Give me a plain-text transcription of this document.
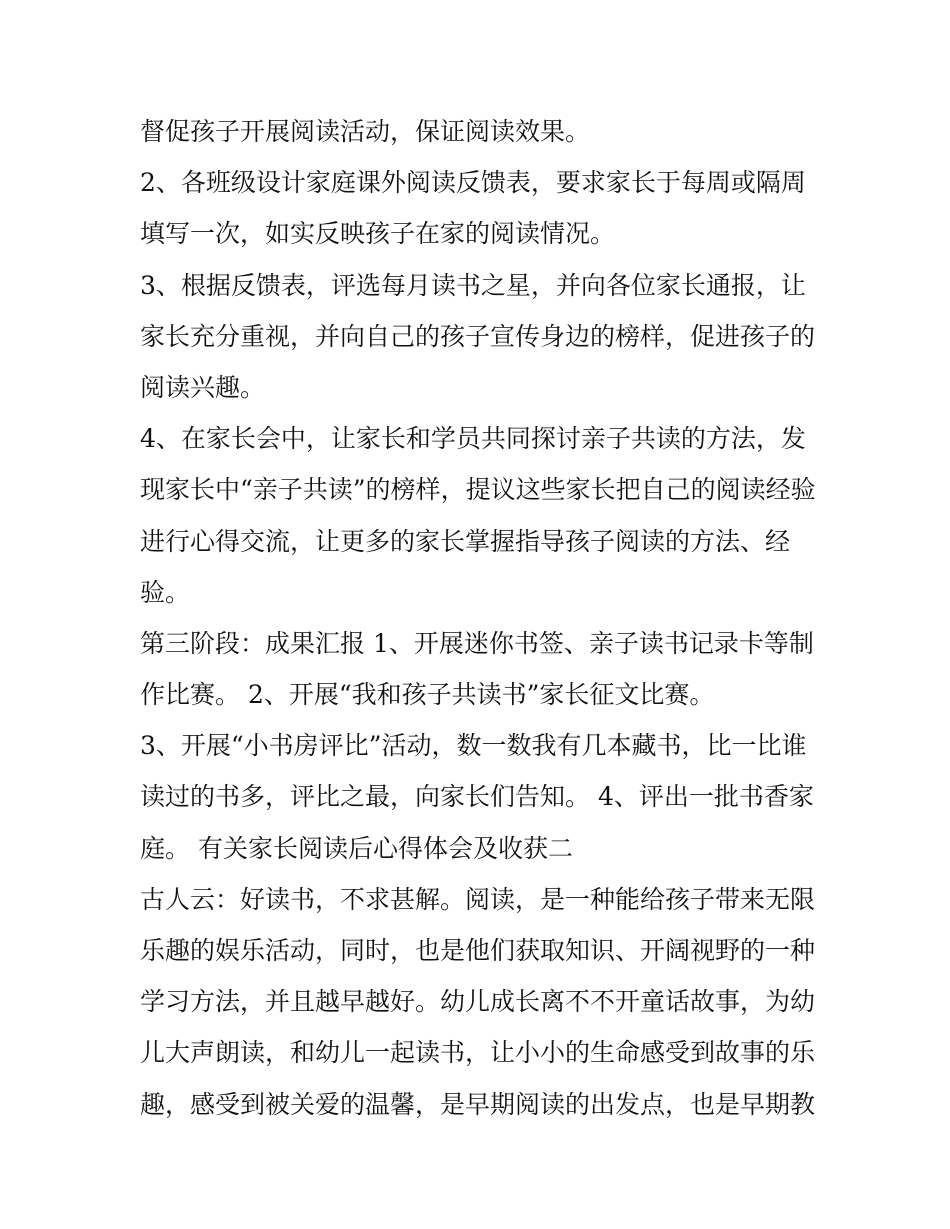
督促孩子开展阅读活动，保证阅读效果。
2、各班级设计家庭课外阅读反馈表，要求家长于每周或隔周
填写一次，如实反映孩子在家的阅读情况。
3、根据反馈表，评选每月读书之星，并向各位家长通报，让
家长充分重视，并向自己的孩子宣传身边的榜样，促进孩子的
阅读兴趣。
4、在家长会中，让家长和学员共同探讨亲子共读的方法，发
现家长中“亲子共读”的榜样，提议这些家长把自己的阅读经验
进行心得交流，让更多的家长掌握指导孩子阅读的方法、经
验。
第三阶段：成果汇报 1、开展迷你书签、亲子读书记录卡等制
作比赛。 2、开展“我和孩子共读书”家长征文比赛。
3、开展“小书房评比”活动，数一数我有几本藏书，比一比谁
读过的书多，评比之最，向家长们告知。 4、评出一批书香家
庭。 有关家长阅读后心得体会及收获二
古人云：好读书，不求甚解。阅读，是一种能给孩子带来无限
乐趣的娱乐活动，同时，也是他们获取知识、开阔视野的一种
学习方法，并且越早越好。幼儿成长离不不开童话故事，为幼
儿大声朗读，和幼儿一起读书，让小小的生命感受到故事的乐
趣，感受到被关爱的温馨，是早期阅读的出发点，也是早期教
